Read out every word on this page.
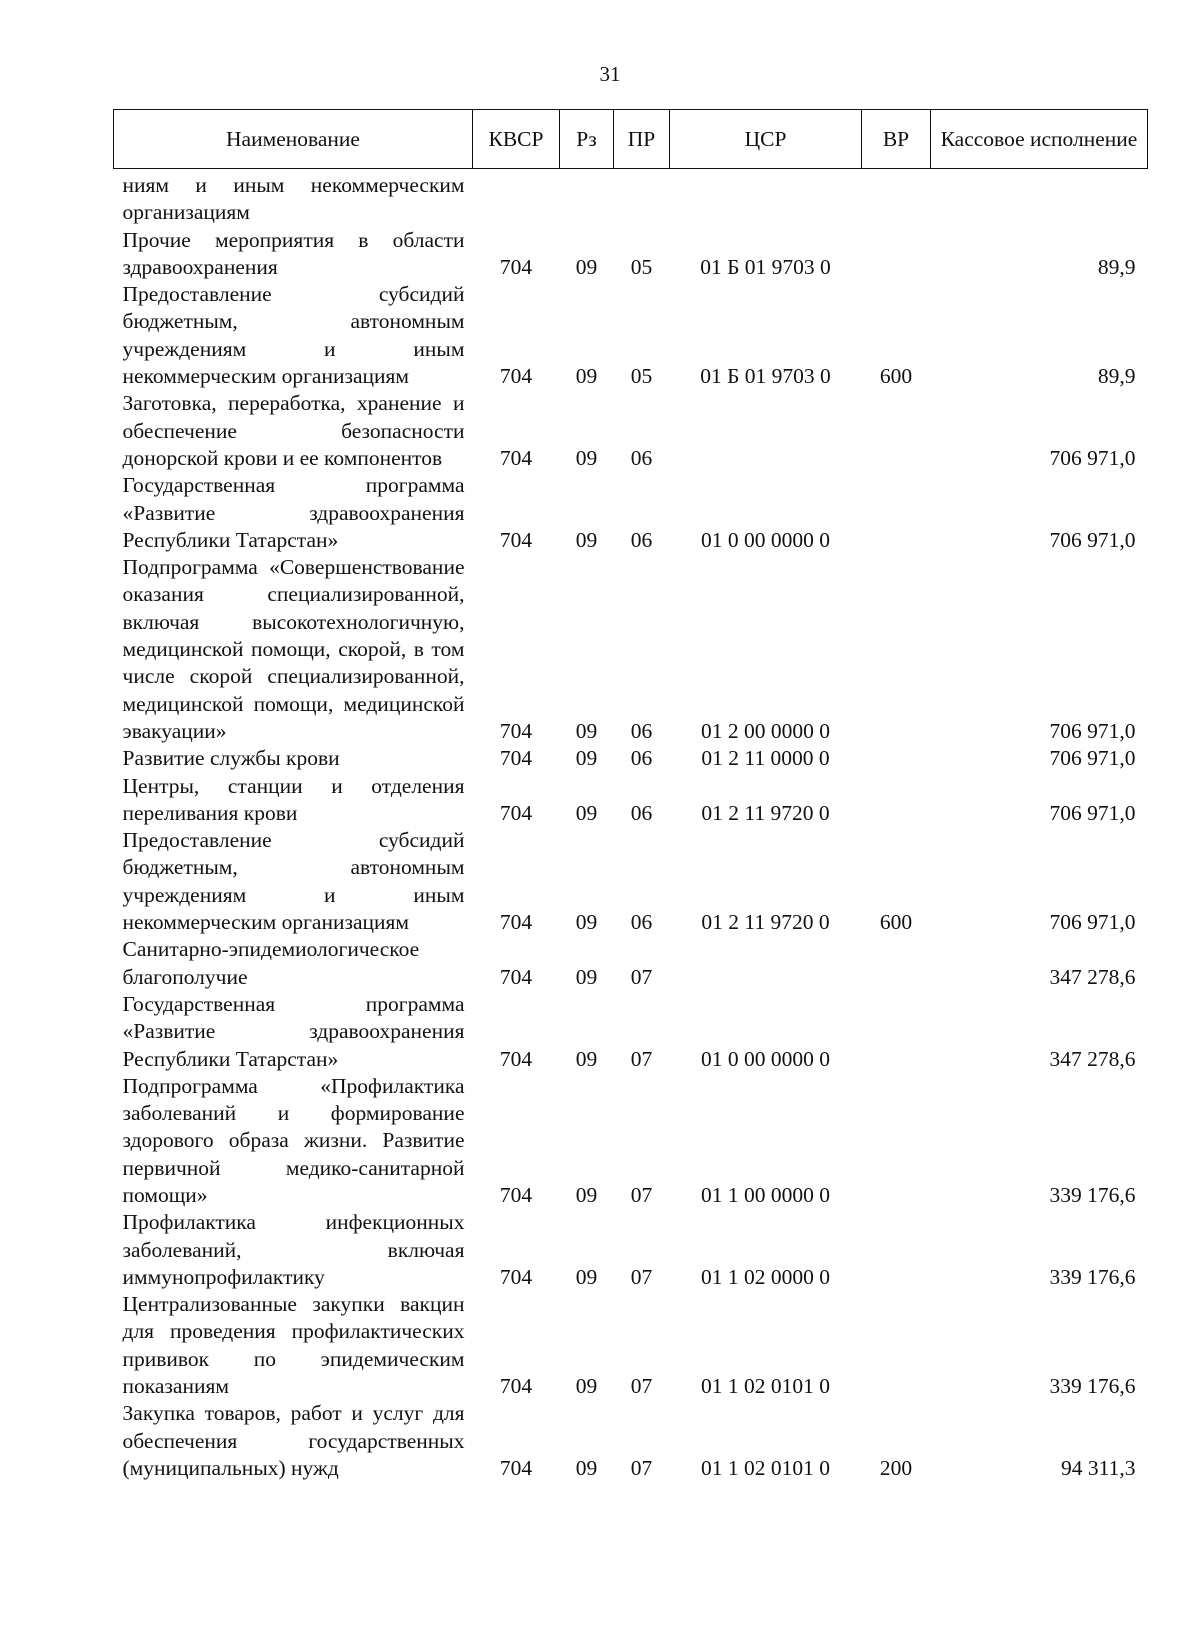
31
Наименование	КВСР	Рз	ПР	ЦСР	ВР	Кассовое исполнение
ниям и иным некоммерческим организациям						
Прочие мероприятия в области здравоохранения	704	09	05	01 Б 01 9703 0		89,9
Предоставление субсидий бюджетным, автономным учреждениям и иным некоммерческим организациям	704	09	05	01 Б 01 9703 0	600	89,9
Заготовка, переработка, хранение и обеспечение безопасности донорской крови и ее компонентов	704	09	06			706 971,0
Государственная программа «Развитие здравоохранения Республики Татарстан»	704	09	06	01 0 00 0000 0		706 971,0
Подпрограмма «Совершенствование оказания специализированной, включая высокотехнологичную, медицинской помощи, скорой, в том числе скорой специализированной, медицинской помощи, медицинской эвакуации»	704	09	06	01 2 00 0000 0		706 971,0
Развитие службы крови	704	09	06	01 2 11 0000 0		706 971,0
Центры, станции и отделения переливания крови	704	09	06	01 2 11 9720 0		706 971,0
Предоставление субсидий бюджетным, автономным учреждениям и иным некоммерческим организациям	704	09	06	01 2 11 9720 0	600	706 971,0
Санитарно-эпидемиологическое благополучие	704	09	07			347 278,6
Государственная программа «Развитие здравоохранения Республики Татарстан»	704	09	07	01 0 00 0000 0		347 278,6
Подпрограмма «Профилактика заболеваний и формирование здорового образа жизни. Развитие первичной медико-санитарной помощи»	704	09	07	01 1 00 0000 0		339 176,6
Профилактика инфекционных заболеваний, включая иммунопрофилактику	704	09	07	01 1 02 0000 0		339 176,6
Централизованные закупки вакцин для проведения профилактических прививок по эпидемическим показаниям	704	09	07	01 1 02 0101 0		339 176,6
Закупка товаров, работ и услуг для обеспечения государственных (муниципальных) нужд	704	09	07	01 1 02 0101 0	200	94 311,3
